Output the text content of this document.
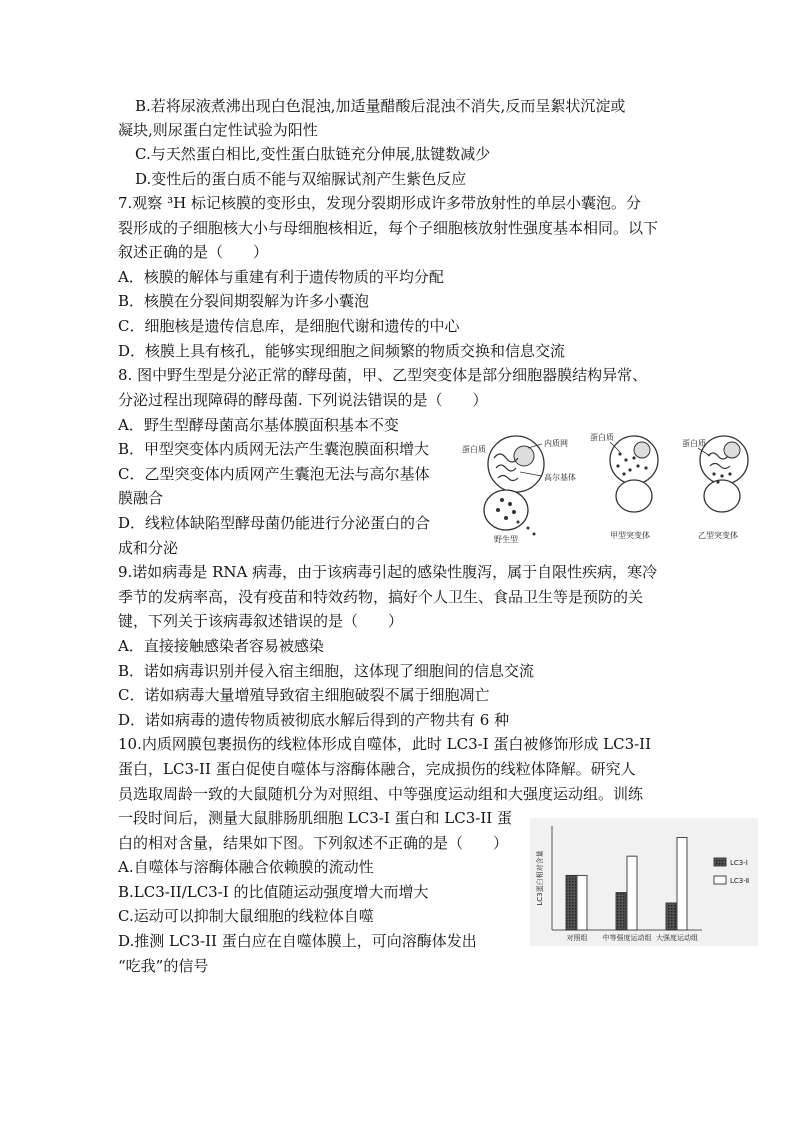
B.若将尿液煮沸出现白色混浊,加适量醋酸后混浊不消失,反而呈絮状沉淀或
凝块,则尿蛋白定性试验为阳性
C.与天然蛋白相比,变性蛋白肽链充分伸展,肽键数减少
D.变性后的蛋白质不能与双缩脲试剂产生紫色反应
7.观察 ³H 标记核膜的变形虫，发现分裂期形成许多带放射性的单层小囊泡。分
裂形成的子细胞核大小与母细胞核相近，每个子细胞核放射性强度基本相同。以下
叙述正确的是（　　）
A．核膜的解体与重建有利于遗传物质的平均分配
B．核膜在分裂间期裂解为许多小囊泡
C．细胞核是遗传信息库，是细胞代谢和遗传的中心
D．核膜上具有核孔，能够实现细胞之间频繁的物质交换和信息交流
8. 图中野生型是分泌正常的酵母菌，甲、乙型突变体是部分细胞器膜结构异常、
分泌过程出现障碍的酵母菌. 下列说法错误的是（　　）
A．野生型酵母菌高尔基体膜面积基本不变
B．甲型突变体内质网无法产生囊泡膜面积增大
C．乙型突变体内质网产生囊泡无法与高尔基体
膜融合
D．线粒体缺陷型酵母菌仍能进行分泌蛋白的合
成和分泌
9.诺如病毒是 RNA 病毒，由于该病毒引起的感染性腹泻，属于自限性疾病，寒冷
季节的发病率高，没有疫苗和特效药物，搞好个人卫生、食品卫生等是预防的关
键，下列关于该病毒叙述错误的是（　　）
A．直接接触感染者容易被感染
B．诺如病毒识别并侵入宿主细胞，这体现了细胞间的信息交流
C．诺如病毒大量增殖导致宿主细胞破裂不属于细胞凋亡
D．诺如病毒的遗传物质被彻底水解后得到的产物共有 6 种
10.内质网膜包裹损伤的线粒体形成自噬体，此时 LC3-I 蛋白被修饰形成 LC3-II
蛋白，LC3-II 蛋白促使自噬体与溶酶体融合，完成损伤的线粒体降解。研究人
员选取周龄一致的大鼠随机分为对照组、中等强度运动组和大强度运动组。训练
一段时间后，测量大鼠腓肠肌细胞 LC3-I 蛋白和 LC3-II 蛋
白的相对含量，结果如下图。下列叙述不正确的是（　　）
A.自噬体与溶酶体融合依赖膜的流动性
B.LC3-II/LC3-I 的比值随运动强度增大而增大
C.运动可以抑制大鼠细胞的线粒体自噬
D.推测 LC3-II 蛋白应在自噬体膜上，可向溶酶体发出
“吃我”的信号
蛋白质
内质网
高尔基体
野生型
蛋白质
甲型突变体
蛋白质
乙型突变体
LC3蛋白相对含量
对照组 中等强度运动组 大强度运动组
LC3-Ⅰ
LC3-Ⅱ
